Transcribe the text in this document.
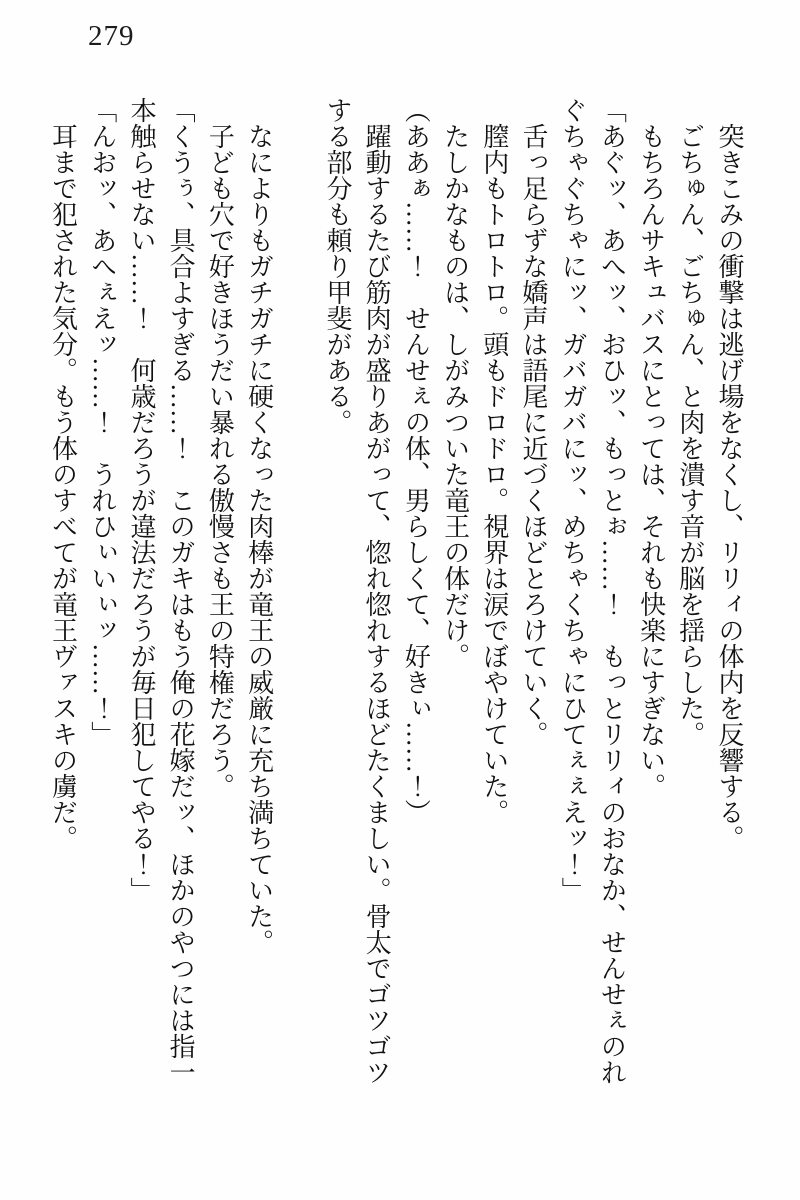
279

　突きこみの衝撃は逃げ場をなくし、リリィの体内を反響する。

　ごちゅん、ごちゅん、と肉を潰す音が脳を揺らした。

　もちろんサキュバスにとっては、それも快楽にすぎない。

「あぐッ、あへッ、おひッ、もっとぉ……！　もっとリリィのおなか、せんせぇのれ

ぐちゃぐちゃにッ、ガバガバにッ、めちゃくちゃにひてぇぇえッ！」

　舌っ足らずな嬌声は語尾に近づくほどとろけていく。

　膣内もトロトロ。頭もドロドロ。視界は涙でぼやけていた。

　たしかなものは、しがみついた竜王の体だけ。

（ああぁ……！　せんせぇの体、男らしくて、好きぃ……！）

　躍動するたび筋肉が盛りあがって、惚れ惚れするほどたくましい。骨太でゴツゴツ

する部分も頼り甲斐がある。

　なによりもガチガチに硬くなった肉棒が竜王の威厳に充ち満ちていた。

　子ども穴で好きほうだい暴れる傲慢さも王の特権だろう。

「くうぅ、具合よすぎる……！　このガキはもう俺の花嫁だッ、ほかのやつには指一

本触らせない……！　何歳だろうが違法だろうが毎日犯してやる！」

「んおッ、あへぇえッ……！　うれひぃいぃッ……！」

　耳まで犯された気分。もう体のすべてが竜王ヴァスキの虜だ。
